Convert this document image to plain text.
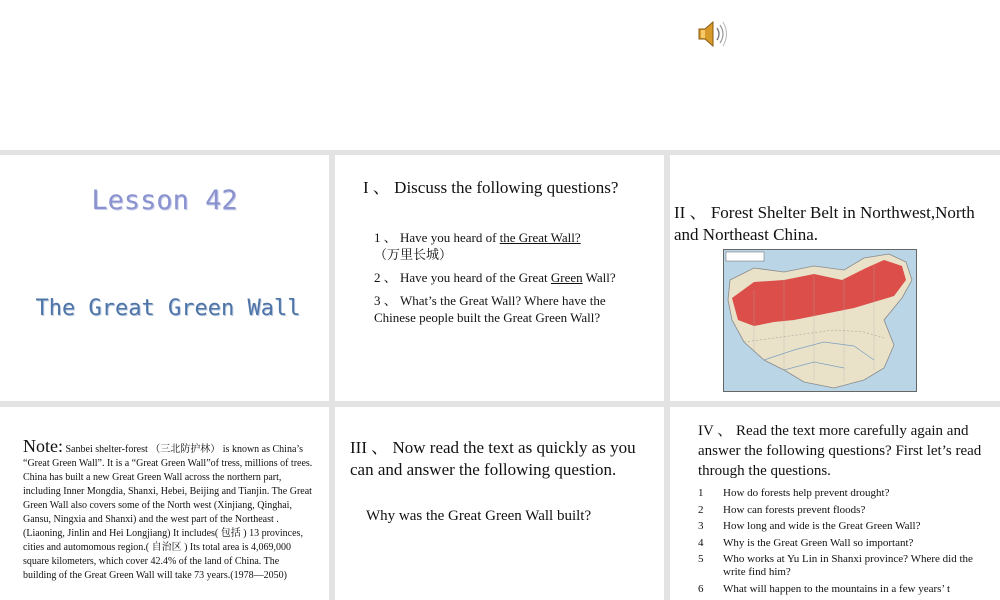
Lesson 42
The Great Green Wall
I 、 Discuss the following questions?
1 、 Have you heard of the Great Wall?
（万里长城）
2 、 Have you heard of the Great Green Wall?
3 、 What’s the Great Wall? Where have the Chinese people built the Great Green Wall?
II 、 Forest Shelter Belt in Northwest,North and Northeast China.
Note: Sanbei shelter-forest （三北防护林） is known as China’s “Great Green Wall”. It is a “Great Green Wall”of tress, millions of trees. China has built a new Great Green Wall across the northern part, including Inner Mongdia, Shanxi, Hebei, Beijing and Tianjin. The Great Green Wall also covers some of the North west (Xinjiang, Qinghai, Gansu, Ningxia and Shanxi) and the west part of the Northeast .(Liaoning, Jinlin and Hei Longjiang) It includes( 包括 ) 13 provinces, cities and automomous region.( 自治区 ) Its total area is 4,069,000 square kilometers, which cover 42.4% of the land of China. The building of the Great Green Wall will take 73 years.(1978—2050)
III 、 Now read the text as quickly as you can and answer the following question.
Why was the Great Green Wall built?
IV 、 Read the text more carefully again and answer the following questions? First let’s read through the questions.
1	How do forests help prevent drought?
2	How can forests prevent floods?
3	How long and wide is the Great Green Wall?
4	Why is the Great Green Wall so important?
5	Who works at Yu Lin in Shanxi province? Where did the write find him?
6	What will happen to the mountains in a few years’ t
